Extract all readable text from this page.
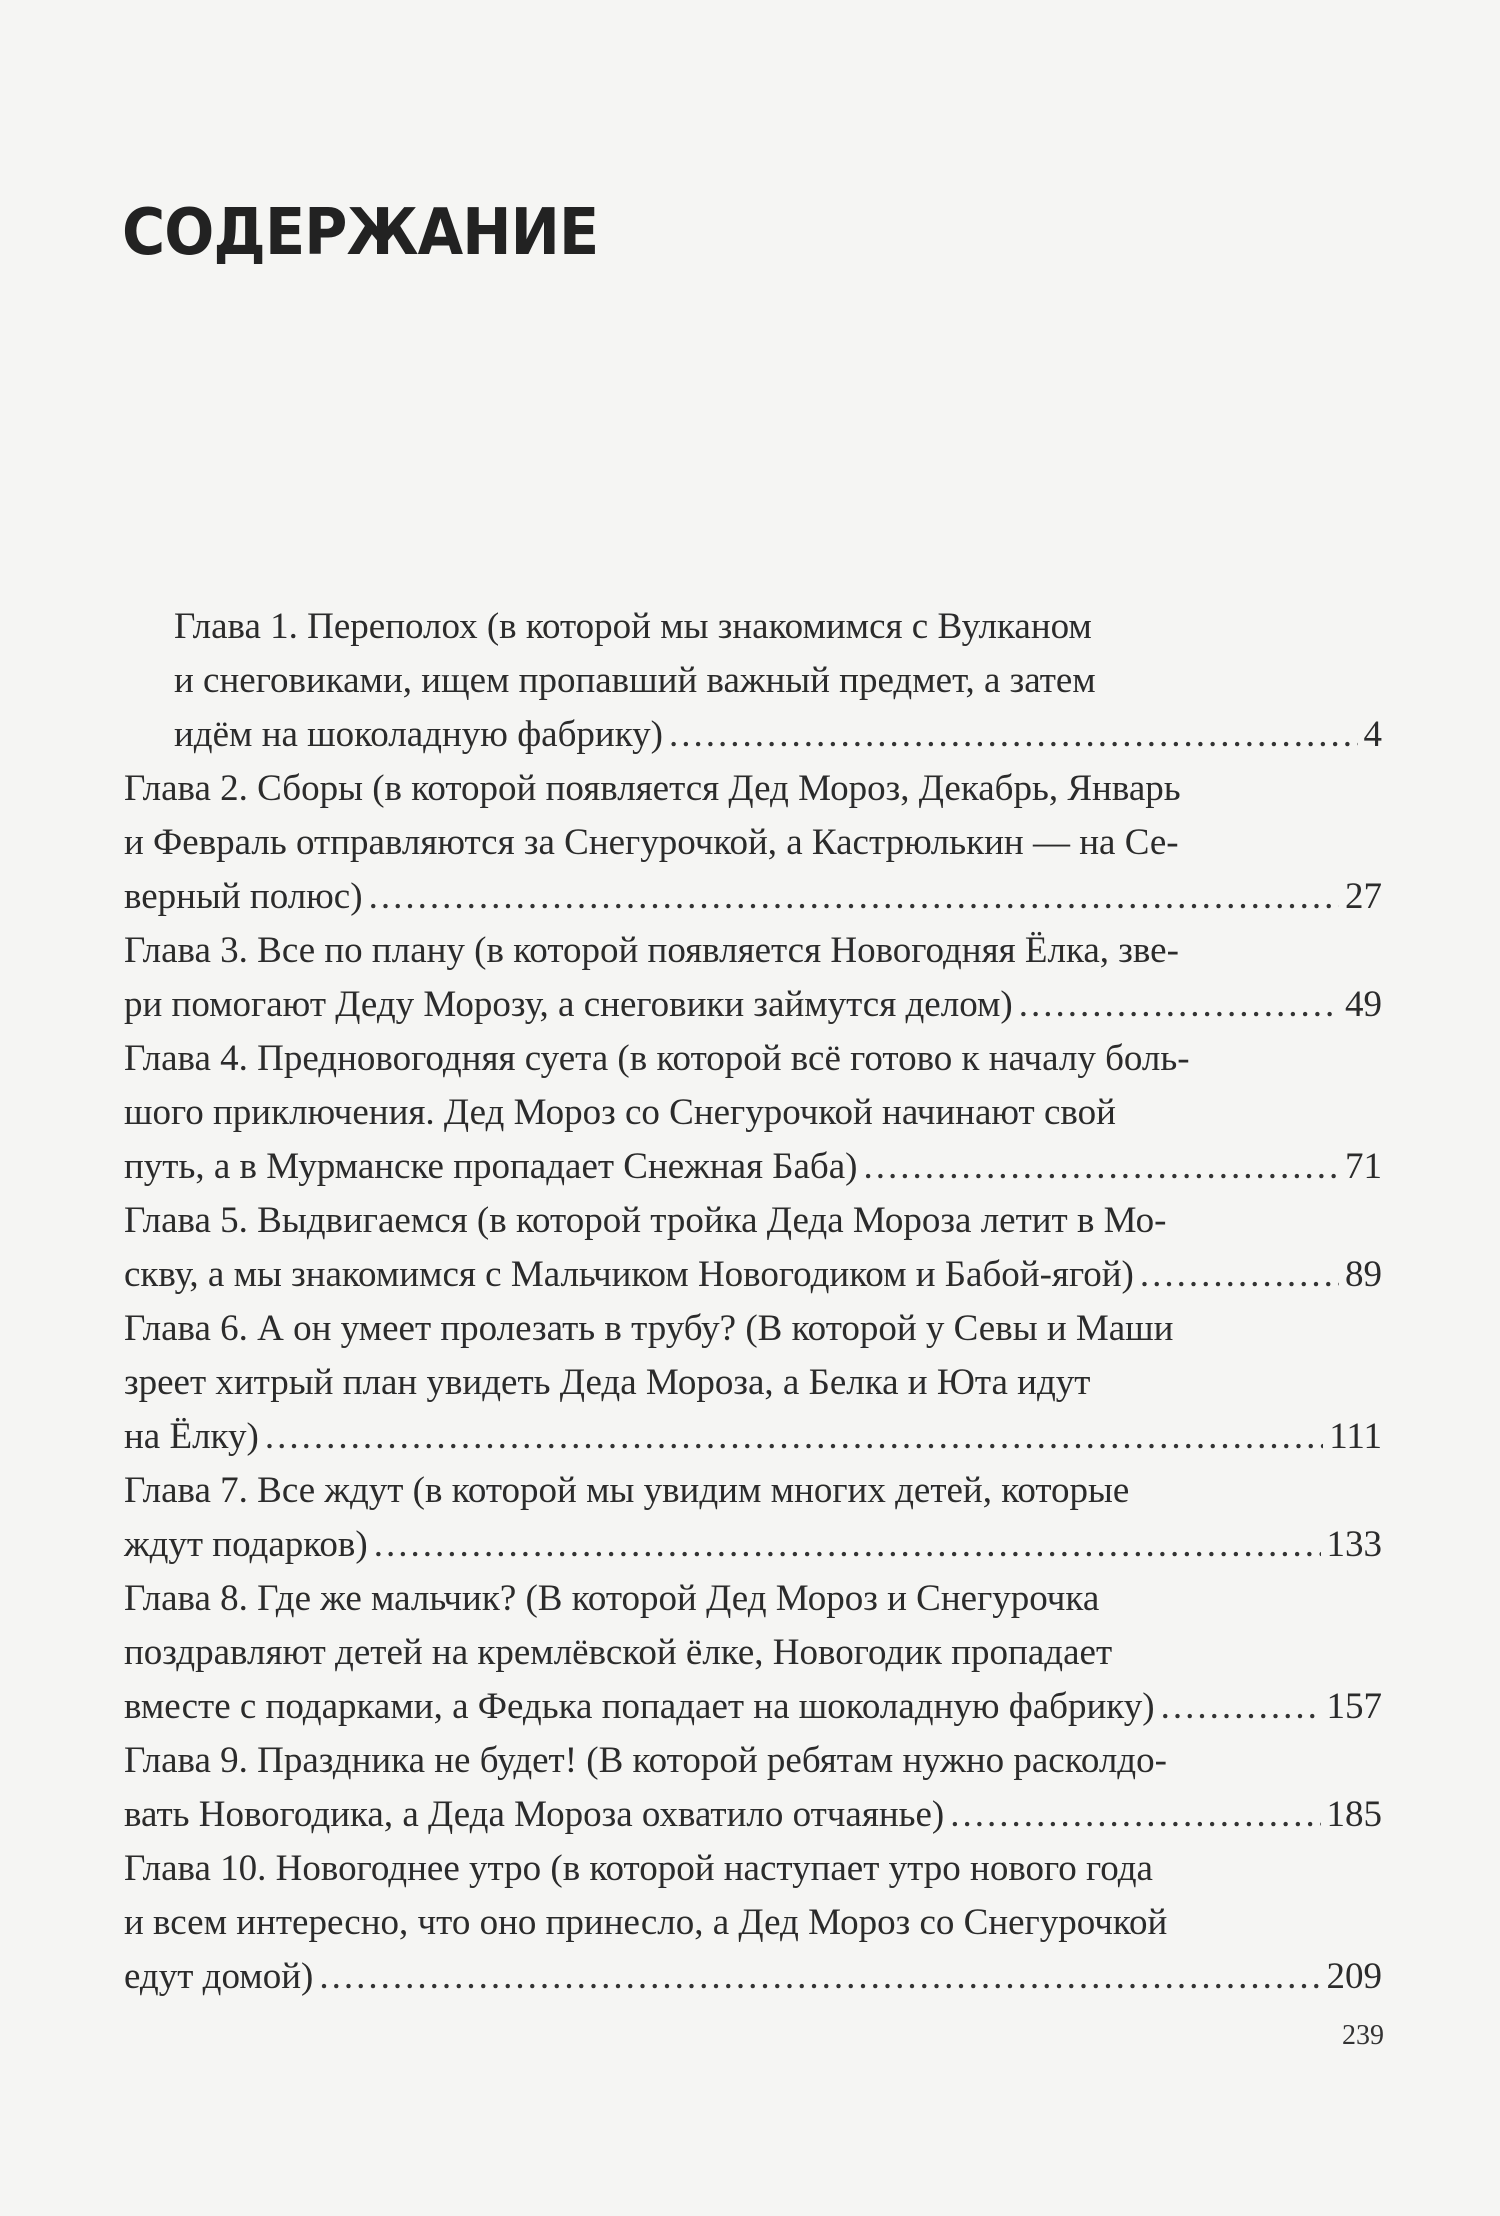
СОДЕРЖАНИЕ
Глава 1. Переполох (в которой мы знакомимся с Вулканом
и снеговиками, ищем пропавший важный предмет, а затем
идём на шоколадную фабрику) .....	4
Глава 2. Сборы (в которой появляется Дед Мороз, Декабрь, Январь
и Февраль отправляются за Снегурочкой, а Кастрюлькин — на Се-
верный полюс) .....	27
Глава 3. Все по плану (в которой появляется Новогодняя Ёлка, зве-
ри помогают Деду Морозу, а снеговики займутся делом) .....	49
Глава 4. Предновогодняя суета (в которой всё готово к началу боль-
шого приключения. Дед Мороз со Снегурочкой начинают свой
путь, а в Мурманске пропадает Снежная Баба) .....	71
Глава 5. Выдвигаемся (в которой тройка Деда Мороза летит в Мо-
скву, а мы знакомимся с Мальчиком Новогодиком и Бабой-ягой) .....	89
Глава 6. А он умеет пролезать в трубу? (В которой у Севы и Маши
зреет хитрый план увидеть Деда Мороза, а Белка и Юта идут
на Ёлку) .....	111
Глава 7. Все ждут (в которой мы увидим многих детей, которые
ждут подарков) .....	133
Глава 8. Где же мальчик? (В которой Дед Мороз и Снегурочка
поздравляют детей на кремлёвской ёлке, Новогодик пропадает
вместе с подарками, а Федька попадает на шоколадную фабрику) .....	157
Глава 9. Праздника не будет! (В которой ребятам нужно расколдо-
вать Новогодика, а Деда Мороза охватило отчаянье) .....	185
Глава 10. Новогоднее утро (в которой наступает утро нового года
и всем интересно, что оно принесло, а Дед Мороз со Снегурочкой
едут домой) .....	209
239
